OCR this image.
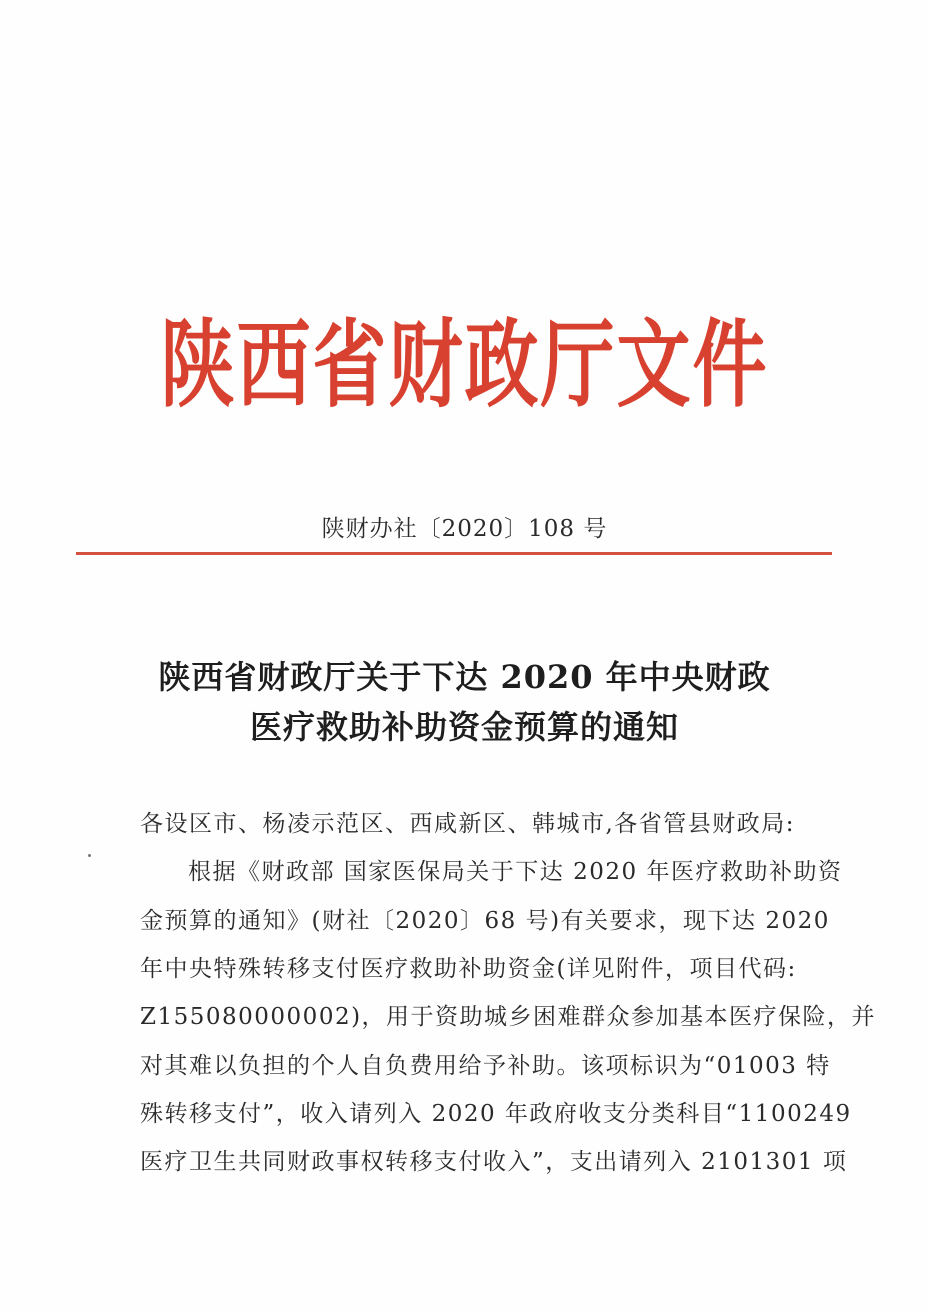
陕西省财政厅文件
陕财办社〔2020〕108 号
陕西省财政厅关于下达 2020 年中央财政
医疗救助补助资金预算的通知
各设区市、杨凌示范区、西咸新区、韩城市,各省管县财政局:
根据《财政部 国家医保局关于下达 2020 年医疗救助补助资
金预算的通知》(财社〔2020〕68 号)有关要求，现下达 2020
年中央特殊转移支付医疗救助补助资金(详见附件，项目代码:
Z155080000002)，用于资助城乡困难群众参加基本医疗保险，并
对其难以负担的个人自负费用给予补助。该项标识为“01003 特
殊转移支付”，收入请列入 2020 年政府收支分类科目“1100249
医疗卫生共同财政事权转移支付收入”，支出请列入 2101301 项
